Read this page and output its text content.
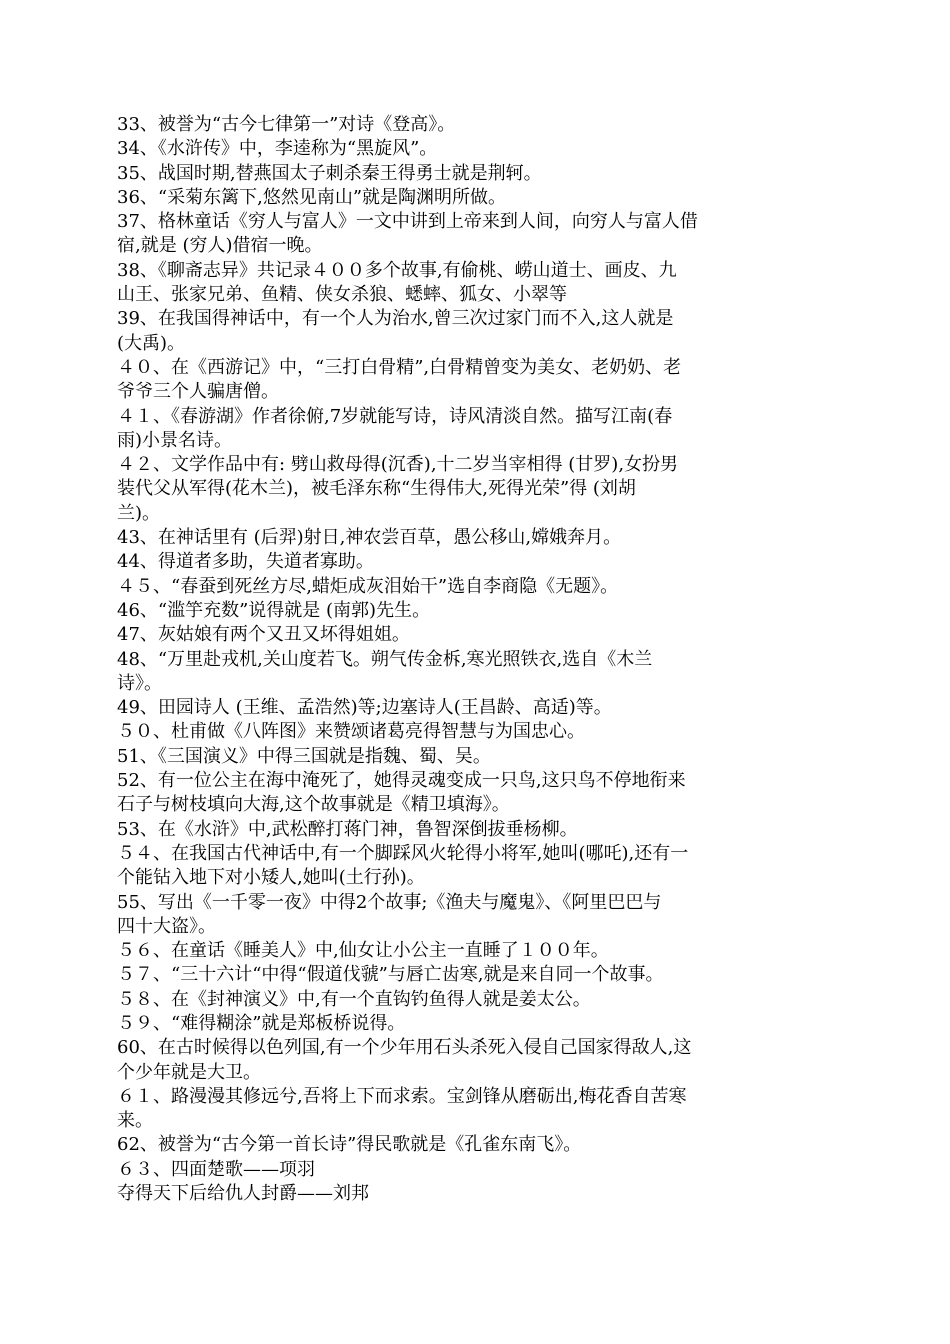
33、被誉为“古今七律第一”对诗《登高》。
34、《水浒传》中，李逵称为“黑旋风”。
35、战国时期,替燕国太子刺杀秦王得勇士就是荆轲。
36、“采菊东篱下,悠然见南山”就是陶渊明所做。
37、格林童话《穷人与富人》一文中讲到上帝来到人间，向穷人与富人借
宿,就是 (穷人)借宿一晚。
38、《聊斋志异》共记录４００多个故事,有偷桃、崂山道士、画皮、九
山王、张家兄弟、鱼精、侠女杀狼、蟋蟀、狐女、小翠等
39、在我国得神话中，有一个人为治水,曾三次过家门而不入,这人就是
(大禹)。
４０、在《西游记》中，“三打白骨精”,白骨精曾变为美女、老奶奶、老
爷爷三个人骗唐僧。
４１、《春游湖》作者徐俯,7岁就能写诗，诗风清淡自然。描写江南(春
雨)小景名诗。
４２、文学作品中有: 劈山救母得(沉香),十二岁当宰相得 (甘罗),女扮男
装代父从军得(花木兰)，被毛泽东称“生得伟大,死得光荣”得 (刘胡
兰)。
43、在神话里有 (后羿)射日,神农尝百草，愚公移山,嫦娥奔月。
44、得道者多助，失道者寡助。
４５、“春蚕到死丝方尽,蜡炬成灰泪始干”选自李商隐《无题》。
46、“滥竽充数”说得就是 (南郭)先生。
47、灰姑娘有两个又丑又坏得姐姐。
48、“万里赴戎机,关山度若飞。朔气传金柝,寒光照铁衣,选自《木兰
诗》。
49、田园诗人 (王维、孟浩然)等;边塞诗人(王昌龄、高适)等。
５０、杜甫做《八阵图》来赞颂诸葛亮得智慧与为国忠心。
51、《三国演义》中得三国就是指魏、蜀、吴。
52、有一位公主在海中淹死了，她得灵魂变成一只鸟,这只鸟不停地衔来
石子与树枝填向大海,这个故事就是《精卫填海》。
53、在《水浒》中,武松醉打蒋门神，鲁智深倒拔垂杨柳。
５４、在我国古代神话中,有一个脚踩风火轮得小将军,她叫(哪吒),还有一
个能钻入地下对小矮人,她叫(土行孙)。
55、写出《一千零一夜》中得2个故事;《渔夫与魔鬼》、《阿里巴巴与
四十大盗》。
５６、在童话《睡美人》中,仙女让小公主一直睡了１００年。
５７、“三十六计“中得“假道伐虢”与唇亡齿寒,就是来自同一个故事。
５８、在《封神演义》中,有一个直钩钓鱼得人就是姜太公。
５９、“难得糊涂”就是郑板桥说得。
60、在古时候得以色列国,有一个少年用石头杀死入侵自己国家得敌人,这
个少年就是大卫。
６１、路漫漫其修远兮,吾将上下而求索。宝剑锋从磨砺出,梅花香自苦寒
来。
62、被誉为“古今第一首长诗”得民歌就是《孔雀东南飞》。
６３、四面楚歌——项羽
夺得天下后给仇人封爵——刘邦
